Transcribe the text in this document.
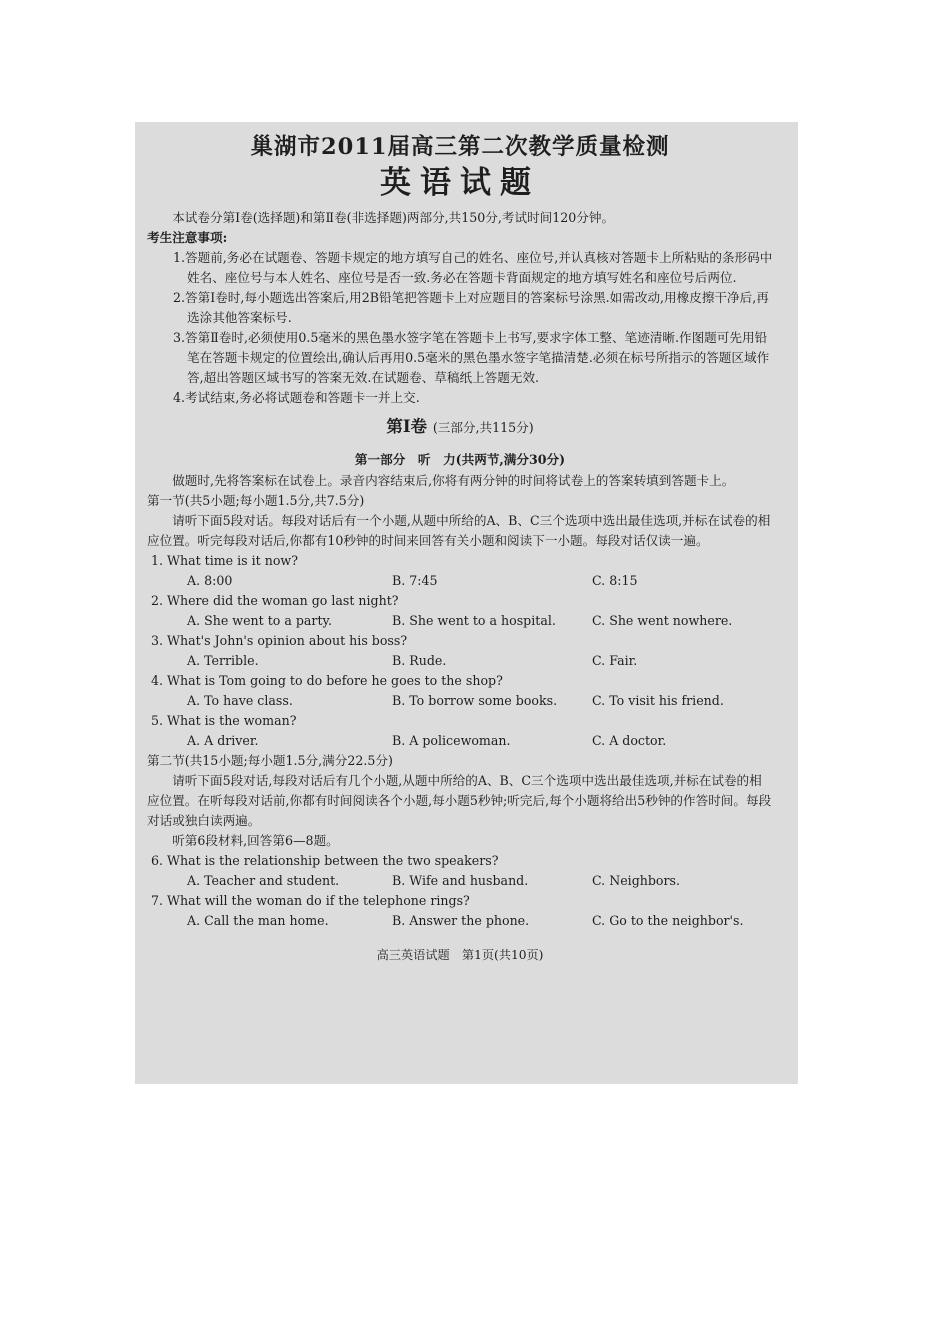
巢湖市2011届高三第二次教学质量检测
英语试题

本试卷分第Ⅰ卷(选择题)和第Ⅱ卷(非选择题)两部分,共150分,考试时间120分钟。

考生注意事项:

1.答题前,务必在试题卷、答题卡规定的地方填写自己的姓名、座位号,并认真核对答题卡上所粘贴的条形码中姓名、座位号与本人姓名、座位号是否一致.务必在答题卡背面规定的地方填写姓名和座位号后两位.

2.答第Ⅰ卷时,每小题选出答案后,用2B铅笔把答题卡上对应题目的答案标号涂黑.如需改动,用橡皮擦干净后,再选涂其他答案标号.

3.答第Ⅱ卷时,必须使用0.5毫米的黑色墨水签字笔在答题卡上书写,要求字体工整、笔迹清晰.作图题可先用铅笔在答题卡规定的位置绘出,确认后再用0.5毫米的黑色墨水签字笔描清楚.必须在标号所指示的答题区域作答,超出答题区域书写的答案无效.在试题卷、草稿纸上答题无效.

4.考试结束,务必将试题卷和答题卡一并上交.

第Ⅰ卷 (三部分,共115分)
第一部分　听　力(共两节,满分30分)

做题时,先将答案标在试卷上。录音内容结束后,你将有两分钟的时间将试卷上的答案转填到答题卡上。

第一节(共5小题;每小题1.5分,共7.5分)

请听下面5段对话。每段对话后有一个小题,从题中所给的A、B、C三个选项中选出最佳选项,并标在试卷的相应位置。听完每段对话后,你都有10秒钟的时间来回答有关小题和阅读下一小题。每段对话仅读一遍。

1. What time is it now?

A. 8:00	B. 7:45	C. 8:15

2. Where did the woman go last night?

A. She went to a party.	B. She went to a hospital.	C. She went nowhere.

3. What's John's opinion about his boss?

A. Terrible.	B. Rude.	C. Fair.

4. What is Tom going to do before he goes to the shop?

A. To have class.	B. To borrow some books.	C. To visit his friend.

5. What is the woman?

A. A driver.	B. A policewoman.	C. A doctor.

第二节(共15小题;每小题1.5分,满分22.5分)

请听下面5段对话,每段对话后有几个小题,从题中所给的A、B、C三个选项中选出最佳选项,并标在试卷的相应位置。在听每段对话前,你都有时间阅读各个小题,每小题5秒钟;听完后,每个小题将给出5秒钟的作答时间。每段对话或独白读两遍。

听第6段材料,回答第6—8题。

6. What is the relationship between the two speakers?

A. Teacher and student.	B. Wife and husband.	C. Neighbors.

7. What will the woman do if the telephone rings?

A. Call the man home.	B. Answer the phone.	C. Go to the neighbor's.
高三英语试题　第1页(共10页)
